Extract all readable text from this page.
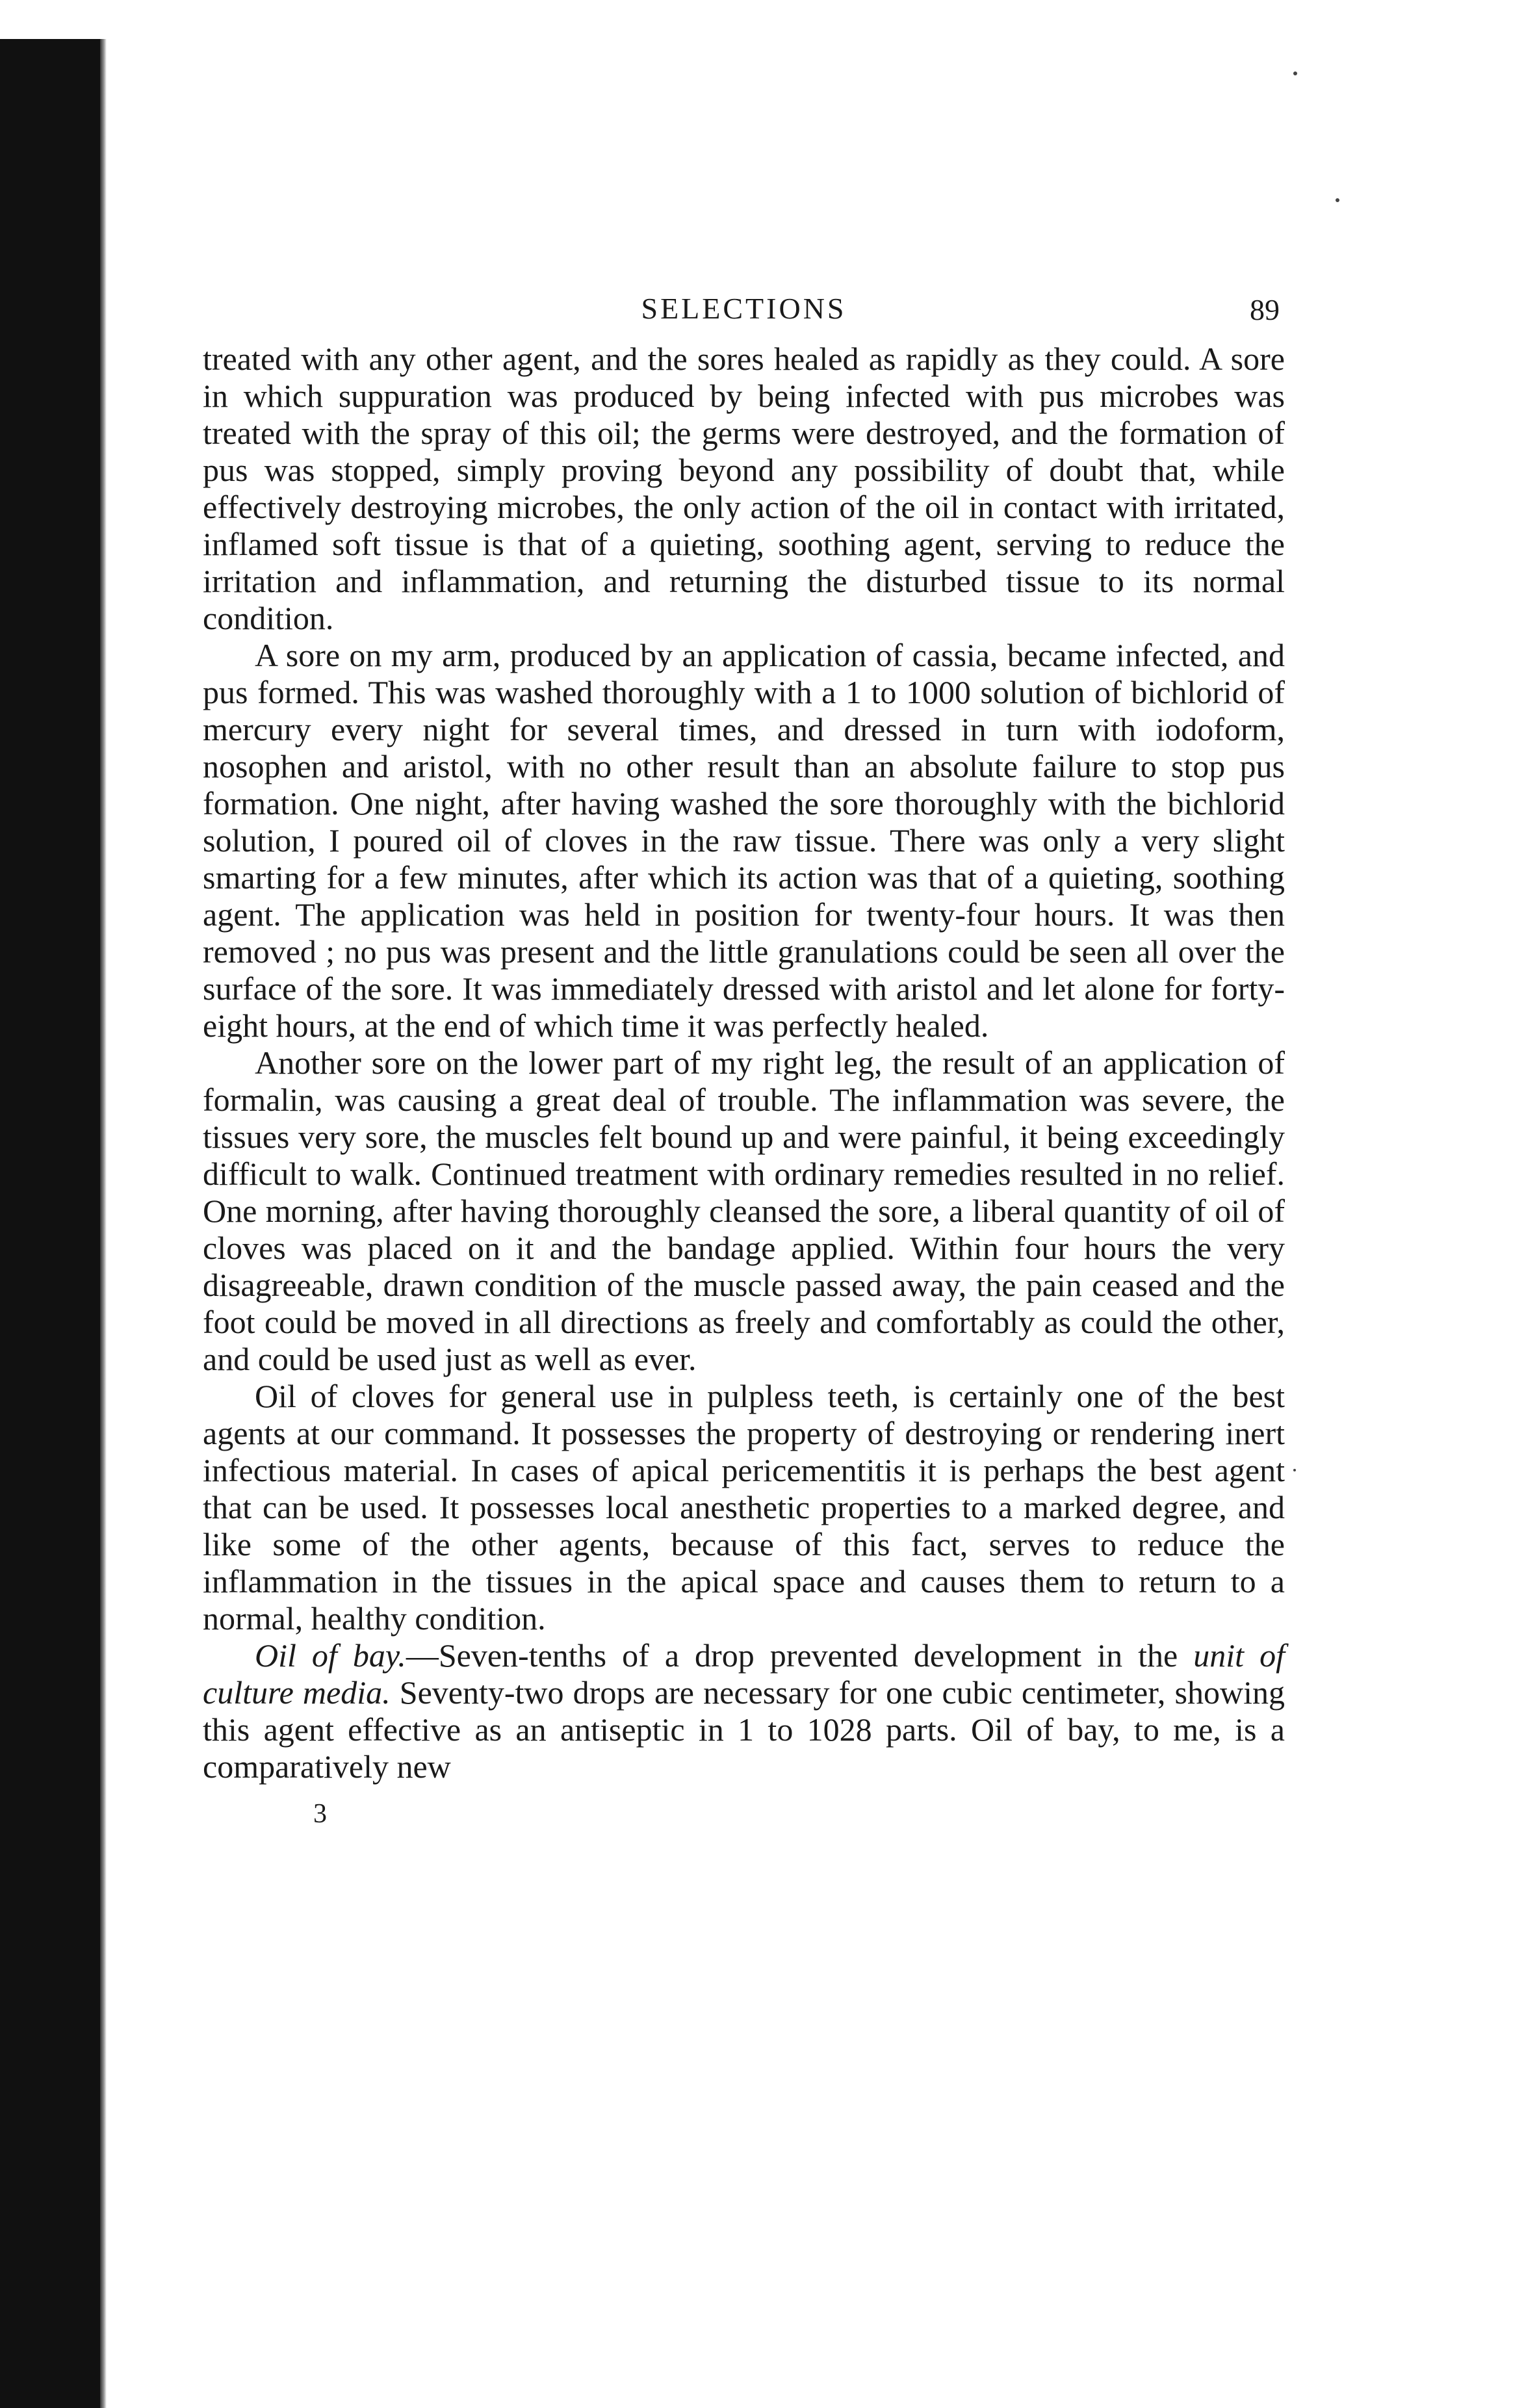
SELECTIONS	89

treated with any other agent, and the sores healed as rapidly as they could. A sore in which suppuration was produced by being infected with pus microbes was treated with the spray of this oil; the germs were destroyed, and the formation of pus was stopped, simply proving beyond any possibility of doubt that, while effectively destroying microbes, the only action of the oil in contact with irritated, inflamed soft tissue is that of a quieting, soothing agent, serving to reduce the irritation and inflammation, and returning the disturbed tissue to its normal condition.

A sore on my arm, produced by an application of cassia, became infected, and pus formed. This was washed thoroughly with a 1 to 1000 solution of bichlorid of mercury every night for several times, and dressed in turn with iodoform, nosophen and aristol, with no other result than an absolute failure to stop pus formation. One night, after having washed the sore thoroughly with the bichlorid solution, I poured oil of cloves in the raw tissue. There was only a very slight smarting for a few minutes, after which its action was that of a quieting, soothing agent. The application was held in position for twenty-four hours. It was then removed ; no pus was present and the little granulations could be seen all over the surface of the sore. It was immediately dressed with aristol and let alone for forty-eight hours, at the end of which time it was perfectly healed.

Another sore on the lower part of my right leg, the result of an application of formalin, was causing a great deal of trouble. The inflammation was severe, the tissues very sore, the muscles felt bound up and were painful, it being exceedingly difficult to walk. Continued treatment with ordinary remedies resulted in no relief. One morning, after having thoroughly cleansed the sore, a liberal quantity of oil of cloves was placed on it and the bandage applied. Within four hours the very disagreeable, drawn condition of the muscle passed away, the pain ceased and the foot could be moved in all directions as freely and comfortably as could the other, and could be used just as well as ever.

Oil of cloves for general use in pulpless teeth, is certainly one of the best agents at our command. It possesses the property of destroying or rendering inert infectious material. In cases of apical pericementitis it is perhaps the best agent that can be used. It possesses local anesthetic properties to a marked degree, and like some of the other agents, because of this fact, serves to reduce the inflammation in the tissues in the apical space and causes them to return to a normal, healthy condition.

Oil of bay.—Seven-tenths of a drop prevented development in the unit of culture media. Seventy-two drops are necessary for one cubic centimeter, showing this agent effective as an antiseptic in 1 to 1028 parts. Oil of bay, to me, is a comparatively new

3
